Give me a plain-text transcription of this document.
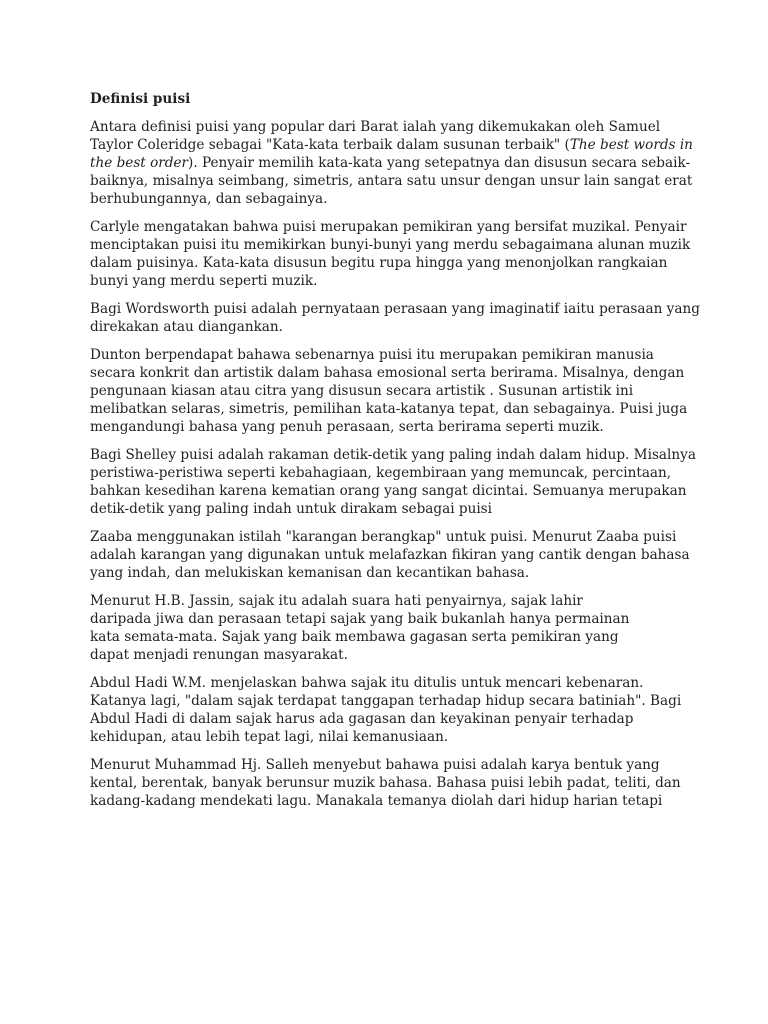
Definisi puisi

Antara definisi puisi yang popular dari Barat ialah yang dikemukakan oleh Samuel
Taylor Coleridge sebagai "Kata-kata terbaik dalam susunan terbaik" (The best words in
the best order). Penyair memilih kata-kata yang setepatnya dan disusun secara sebaik-
baiknya, misalnya seimbang, simetris, antara satu unsur dengan unsur lain sangat erat
berhubungannya, dan sebagainya.

Carlyle mengatakan bahwa puisi merupakan pemikiran yang bersifat muzikal. Penyair
menciptakan puisi itu memikirkan bunyi-bunyi yang merdu sebagaimana alunan muzik
dalam puisinya. Kata-kata disusun begitu rupa hingga yang menonjolkan rangkaian
bunyi yang merdu seperti muzik.

Bagi Wordsworth puisi adalah pernyataan perasaan yang imaginatif iaitu perasaan yang
direkakan atau diangankan.

Dunton berpendapat bahawa sebenarnya puisi itu merupakan pemikiran manusia
secara konkrit dan artistik dalam bahasa emosional serta berirama. Misalnya, dengan
pengunaan kiasan atau citra yang disusun secara artistik . Susunan artistik ini
melibatkan selaras, simetris, pemilihan kata-katanya tepat, dan sebagainya. Puisi juga
mengandungi bahasa yang penuh perasaan, serta berirama seperti muzik.

Bagi Shelley puisi adalah rakaman detik-detik yang paling indah dalam hidup. Misalnya
peristiwa-peristiwa seperti kebahagiaan, kegembiraan yang memuncak, percintaan,
bahkan kesedihan karena kematian orang yang sangat dicintai. Semuanya merupakan
detik-detik yang paling indah untuk dirakam sebagai puisi

Zaaba menggunakan istilah "karangan berangkap" untuk puisi. Menurut Zaaba puisi
adalah karangan yang digunakan untuk melafazkan fikiran yang cantik dengan bahasa
yang indah, dan melukiskan kemanisan dan kecantikan bahasa.

Menurut H.B. Jassin, sajak itu adalah suara hati penyairnya, sajak lahir
daripada jiwa dan perasaan tetapi sajak yang baik bukanlah hanya permainan
kata semata-mata. Sajak yang baik membawa gagasan serta pemikiran yang
dapat menjadi renungan masyarakat.

Abdul Hadi W.M. menjelaskan bahwa sajak itu ditulis untuk mencari kebenaran.
Katanya lagi, "dalam sajak terdapat tanggapan terhadap hidup secara batiniah". Bagi
Abdul Hadi di dalam sajak harus ada gagasan dan keyakinan penyair terhadap
kehidupan, atau lebih tepat lagi, nilai kemanusiaan.

Menurut Muhammad Hj. Salleh menyebut bahawa puisi adalah karya bentuk yang
kental, berentak, banyak berunsur muzik bahasa. Bahasa puisi lebih padat, teliti, dan
kadang-kadang mendekati lagu. Manakala temanya diolah dari hidup harian tetapi
